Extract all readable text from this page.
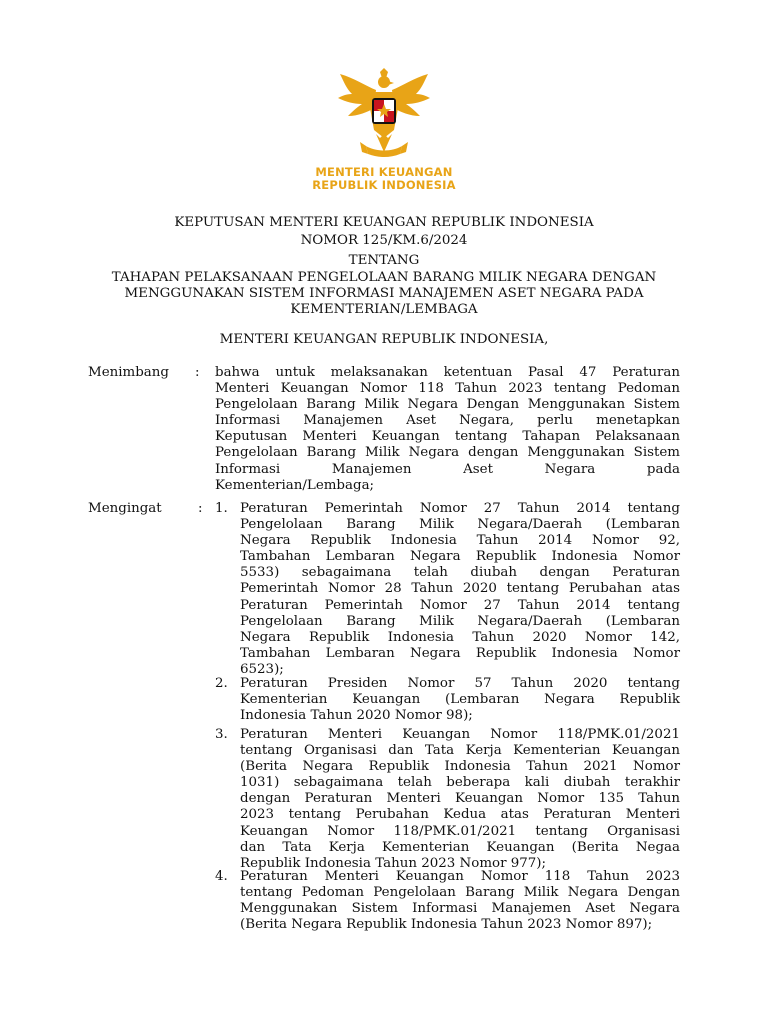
MENTERI KEUANGAN
REPUBLIK INDONESIA
KEPUTUSAN MENTERI KEUANGAN REPUBLIK INDONESIA
NOMOR 125/KM.6/2024
TENTANG
TAHAPAN PELAKSANAAN PENGELOLAAN BARANG MILIK NEGARA DENGAN
MENGGUNAKAN SISTEM INFORMASI MANAJEMEN ASET NEGARA PADA
KEMENTERIAN/LEMBAGA
MENTERI KEUANGAN REPUBLIK INDONESIA,
Menimbang : bahwa untuk melaksanakan ketentuan Pasal 47 Peraturan
Menteri Keuangan Nomor 118 Tahun 2023 tentang Pedoman
Pengelolaan Barang Milik Negara Dengan Menggunakan Sistem
Informasi Manajemen Aset Negara, perlu menetapkan
Keputusan Menteri Keuangan tentang Tahapan Pelaksanaan
Pengelolaan Barang Milik Negara dengan Menggunakan Sistem
Informasi Manajemen Aset Negara pada
Kementerian/Lembaga;
Mengingat	: 1. Peraturan Pemerintah Nomor 27 Tahun 2014 tentang
Pengelolaan Barang Milik Negara/Daerah (Lembaran
Negara Republik Indonesia Tahun 2014 Nomor 92,
Tambahan Lembaran Negara Republik Indonesia Nomor
5533) sebagaimana telah diubah dengan Peraturan
Pemerintah Nomor 28 Tahun 2020 tentang Perubahan atas
Peraturan Pemerintah Nomor 27 Tahun 2014 tentang
Pengelolaan Barang Milik Negara/Daerah (Lembaran
Negara Republik Indonesia Tahun 2020 Nomor 142,
Tambahan Lembaran Negara Republik Indonesia Nomor
6523);
2. Peraturan Presiden Nomor 57 Tahun 2020 tentang
Kementerian Keuangan (Lembaran Negara Republik
Indonesia Tahun 2020 Nomor 98);
3. Peraturan Menteri Keuangan Nomor 118/PMK.01/2021
tentang Organisasi dan Tata Kerja Kementerian Keuangan
(Berita Negara Republik Indonesia Tahun 2021 Nomor
1031) sebagaimana telah beberapa kali diubah terakhir
dengan Peraturan Menteri Keuangan Nomor 135 Tahun
2023 tentang Perubahan Kedua atas Peraturan Menteri
Keuangan Nomor 118/PMK.01/2021 tentang Organisasi
dan Tata Kerja Kementerian Keuangan (Berita Negaa
Republik Indonesia Tahun 2023 Nomor 977);
4. Peraturan Menteri Keuangan Nomor 118 Tahun 2023
tentang Pedoman Pengelolaan Barang Milik Negara Dengan
Menggunakan Sistem Informasi Manajemen Aset Negara
(Berita Negara Republik Indonesia Tahun 2023 Nomor 897);
